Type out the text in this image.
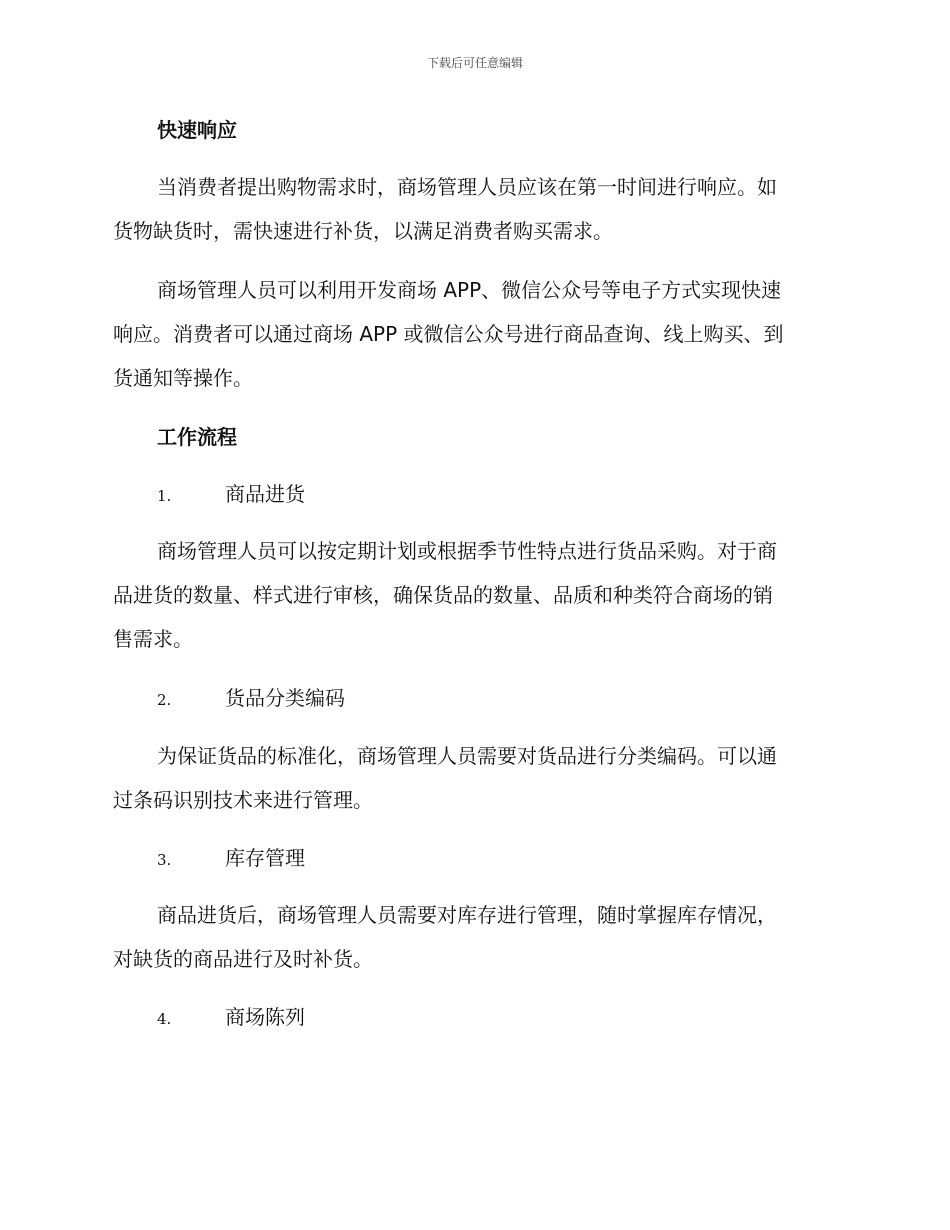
下载后可任意编辑
快速响应
当消费者提出购物需求时，商场管理人员应该在第一时间进行响应。如
货物缺货时，需快速进行补货，以满足消费者购买需求。
商场管理人员可以利用开发商场 APP、微信公众号等电子方式实现快速
响应。消费者可以通过商场 APP 或微信公众号进行商品查询、线上购买、到
货通知等操作。
工作流程
1.	商品进货
商场管理人员可以按定期计划或根据季节性特点进行货品采购。对于商
品进货的数量、样式进行审核，确保货品的数量、品质和种类符合商场的销
售需求。
2.	货品分类编码
为保证货品的标准化，商场管理人员需要对货品进行分类编码。可以通
过条码识别技术来进行管理。
3.	库存管理
商品进货后，商场管理人员需要对库存进行管理，随时掌握库存情况，
对缺货的商品进行及时补货。
4.	商场陈列
